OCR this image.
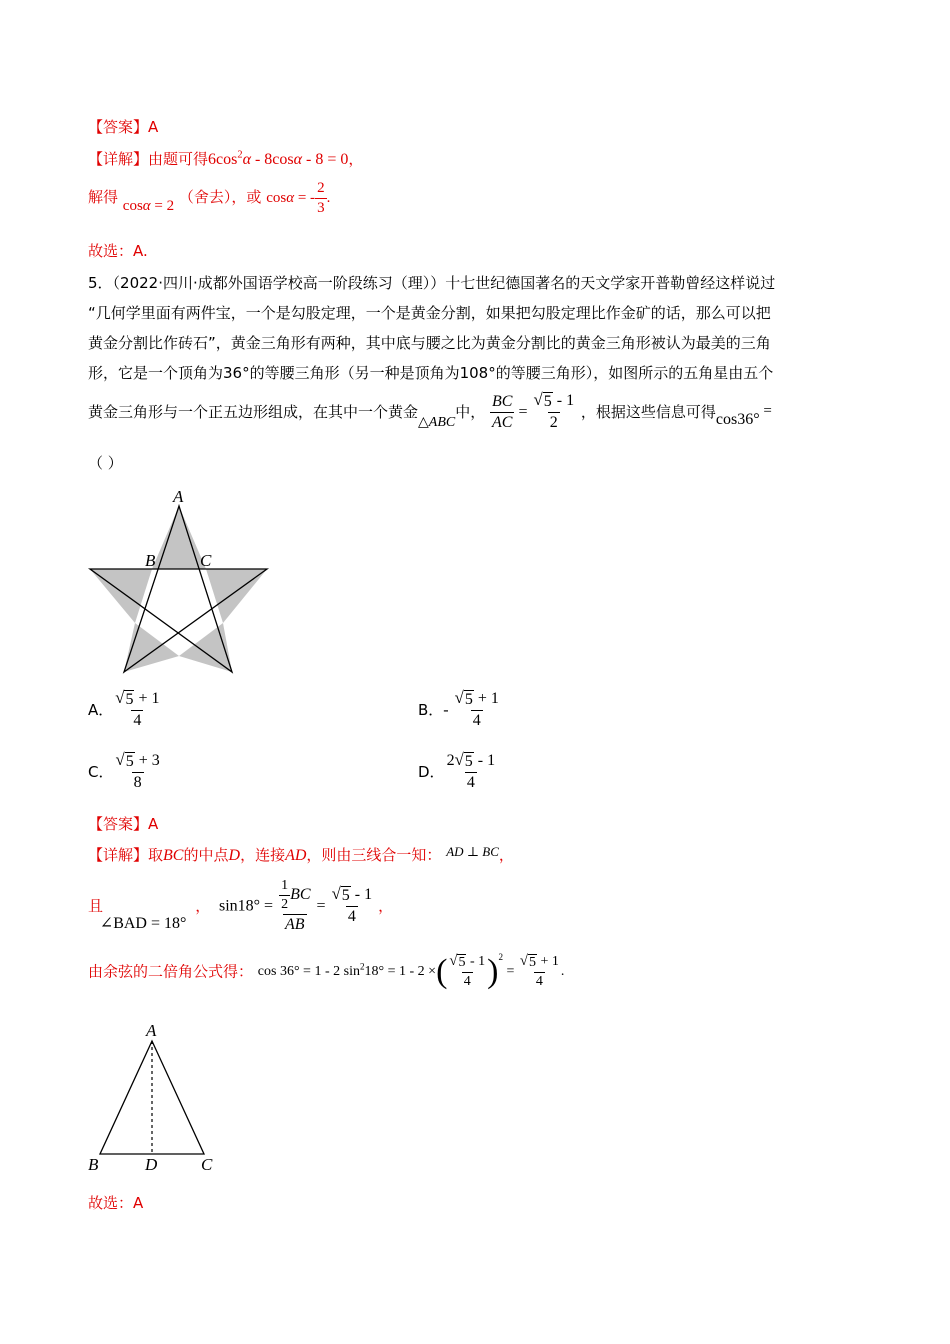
【答案】A
【详解】由题可得$6\cos^2\alpha - 8\cos\alpha - 8 = 0$，
解得 cosα = 2 （舍去），或 cosα = - $\frac{2}{3}$ .
故选：A.
5．（2022·四川·成都外国语学校高一阶段练习（理））十七世纪德国著名的天文学家开普勒曾经这样说过
“几何学里面有两件宝，一个是勾股定理，一个是黄金分割，如果把勾股定理比作金矿的话，那么可以把
黄金分割比作砖石”，黄金三角形有两种，其中底与腰之比为黄金分割比的黄金三角形被认为最美的三角
形，它是一个顶角为36°的等腰三角形（另一种是顶角为108°的等腰三角形），如图所示的五角星由五个
黄金三角形与一个正五边形组成，在其中一个黄金△ABC中， $\frac{BC}{AC} = \frac{√ 5 - 1}{2}$ ，根据这些信息可得cos36° =
（ ）
A
B	C
A． $\frac{√ 5 + 1}{4}$	B．- $\frac{√ 5 + 1}{4}$
C． $\frac{√ 5 + 3}{8}$	D． $\frac{2 √ 5 - 1}{4}$
【答案】A
【详解】取BC的中点D，连接AD，则由三线合一知： AD ⊥ BC，
且 ∠BAD = 18° ， $\sin 18^\circ = \frac{\frac{1}{2} BC}{AB} = \frac{√ 5 - 1}{4}$ ，
由余弦的二倍角公式得： cos 36° = 1 - 2 $\sin^218^\circ = 1 - 2$ ×( $\frac{√ 5 - 1}{4} )^2 = \frac{√ 5 + 1}{4}$ .
A
B	D	C
故选：A
